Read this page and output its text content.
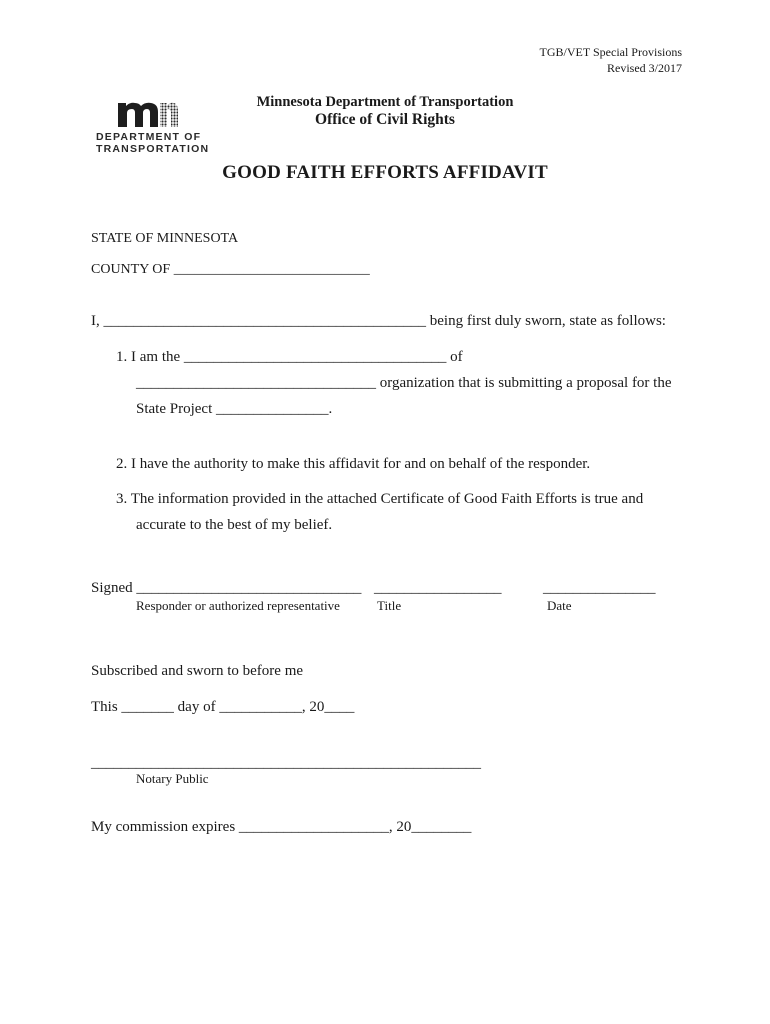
TGB/VET Special Provisions
Revised 3/2017
DEPARTMENT OF
TRANSPORTATION
Minnesota Department of Transportation
Office of Civil Rights
GOOD FAITH EFFORTS AFFIDAVIT
STATE OF MINNESOTA
COUNTY OF ____________________________
I, ___________________________________________ being first duly sworn, state as follows:
1. I am the ___________________________________ of
________________________________ organization that is submitting a proposal for the
State Project _______________.
2. I have the authority to make this affidavit for and on behalf of the responder.
3. The information provided in the attached Certificate of Good Faith Efforts is true and
accurate to the best of my belief.
Signed ______________________________ _________________	_______________
Responder or authorized representative	Title	Date
Subscribed and sworn to before me
This _______ day of ___________, 20____
____________________________________________________
Notary Public
My commission expires ____________________, 20________
